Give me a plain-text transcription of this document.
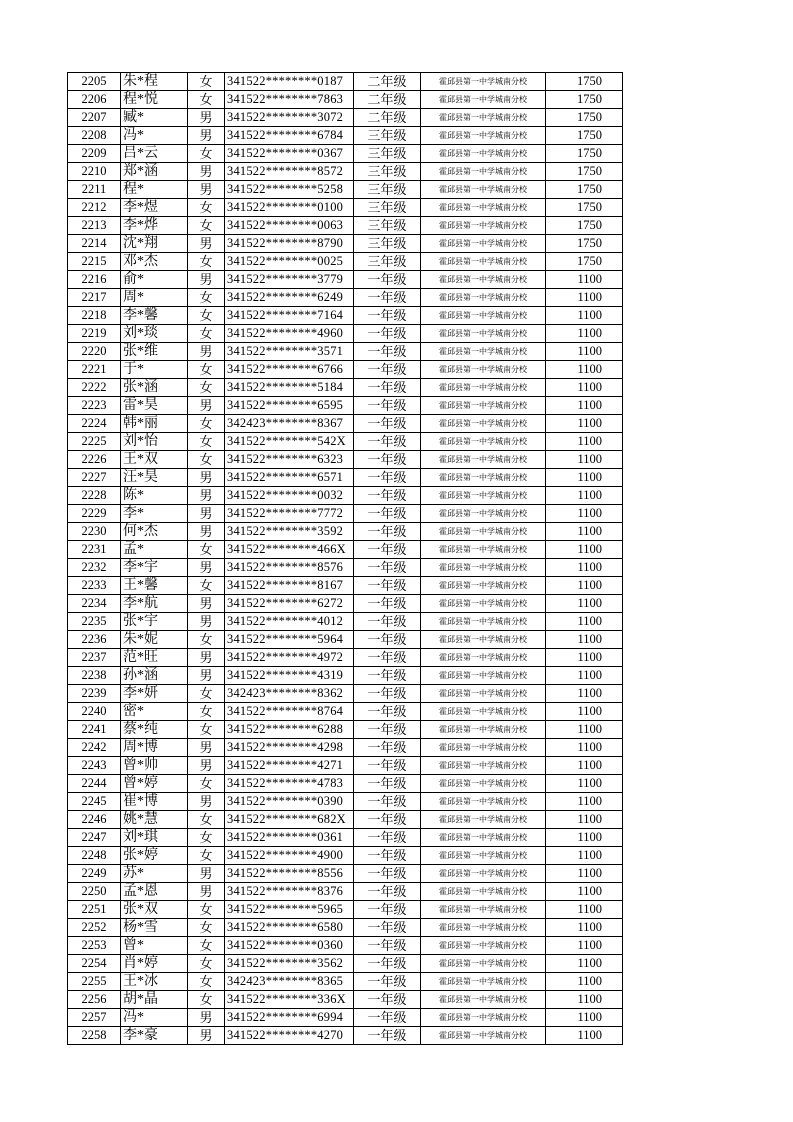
2205	朱*程	女	341522********0187	二年级	霍邱县第一中学城南分校	1750
2206	程*悦	女	341522********7863	二年级	霍邱县第一中学城南分校	1750
2207	臧*	男	341522********3072	二年级	霍邱县第一中学城南分校	1750
2208	冯*	男	341522********6784	三年级	霍邱县第一中学城南分校	1750
2209	吕*云	女	341522********0367	三年级	霍邱县第一中学城南分校	1750
2210	郑*涵	男	341522********8572	三年级	霍邱县第一中学城南分校	1750
2211	程*	男	341522********5258	三年级	霍邱县第一中学城南分校	1750
2212	李*煜	女	341522********0100	三年级	霍邱县第一中学城南分校	1750
2213	李*烨	女	341522********0063	三年级	霍邱县第一中学城南分校	1750
2214	沈*翔	男	341522********8790	三年级	霍邱县第一中学城南分校	1750
2215	邓*杰	女	341522********0025	三年级	霍邱县第一中学城南分校	1750
2216	俞*	男	341522********3779	一年级	霍邱县第一中学城南分校	1100
2217	周*	女	341522********6249	一年级	霍邱县第一中学城南分校	1100
2218	李*馨	女	341522********7164	一年级	霍邱县第一中学城南分校	1100
2219	刘*琰	女	341522********4960	一年级	霍邱县第一中学城南分校	1100
2220	张*维	男	341522********3571	一年级	霍邱县第一中学城南分校	1100
2221	于*	女	341522********6766	一年级	霍邱县第一中学城南分校	1100
2222	张*涵	女	341522********5184	一年级	霍邱县第一中学城南分校	1100
2223	雷*昊	男	341522********6595	一年级	霍邱县第一中学城南分校	1100
2224	韩*丽	女	342423********8367	一年级	霍邱县第一中学城南分校	1100
2225	刘*怡	女	341522********542X	一年级	霍邱县第一中学城南分校	1100
2226	王*双	女	341522********6323	一年级	霍邱县第一中学城南分校	1100
2227	汪*昊	男	341522********6571	一年级	霍邱县第一中学城南分校	1100
2228	陈*	男	341522********0032	一年级	霍邱县第一中学城南分校	1100
2229	李*	男	341522********7772	一年级	霍邱县第一中学城南分校	1100
2230	何*杰	男	341522********3592	一年级	霍邱县第一中学城南分校	1100
2231	孟*	女	341522********466X	一年级	霍邱县第一中学城南分校	1100
2232	李*宇	男	341522********8576	一年级	霍邱县第一中学城南分校	1100
2233	王*馨	女	341522********8167	一年级	霍邱县第一中学城南分校	1100
2234	李*航	男	341522********6272	一年级	霍邱县第一中学城南分校	1100
2235	张*宇	男	341522********4012	一年级	霍邱县第一中学城南分校	1100
2236	朱*妮	女	341522********5964	一年级	霍邱县第一中学城南分校	1100
2237	范*旺	男	341522********4972	一年级	霍邱县第一中学城南分校	1100
2238	孙*涵	男	341522********4319	一年级	霍邱县第一中学城南分校	1100
2239	李*妍	女	342423********8362	一年级	霍邱县第一中学城南分校	1100
2240	密*	女	341522********8764	一年级	霍邱县第一中学城南分校	1100
2241	蔡*纯	女	341522********6288	一年级	霍邱县第一中学城南分校	1100
2242	周*博	男	341522********4298	一年级	霍邱县第一中学城南分校	1100
2243	曾*帅	男	341522********4271	一年级	霍邱县第一中学城南分校	1100
2244	曾*婷	女	341522********4783	一年级	霍邱县第一中学城南分校	1100
2245	崔*博	男	341522********0390	一年级	霍邱县第一中学城南分校	1100
2246	姚*慧	女	341522********682X	一年级	霍邱县第一中学城南分校	1100
2247	刘*琪	女	341522********0361	一年级	霍邱县第一中学城南分校	1100
2248	张*婷	女	341522********4900	一年级	霍邱县第一中学城南分校	1100
2249	苏*	男	341522********8556	一年级	霍邱县第一中学城南分校	1100
2250	孟*恩	男	341522********8376	一年级	霍邱县第一中学城南分校	1100
2251	张*双	女	341522********5965	一年级	霍邱县第一中学城南分校	1100
2252	杨*雪	女	341522********6580	一年级	霍邱县第一中学城南分校	1100
2253	曾*	女	341522********0360	一年级	霍邱县第一中学城南分校	1100
2254	肖*婷	女	341522********3562	一年级	霍邱县第一中学城南分校	1100
2255	王*冰	女	342423********8365	一年级	霍邱县第一中学城南分校	1100
2256	胡*晶	女	341522********336X	一年级	霍邱县第一中学城南分校	1100
2257	冯*	男	341522********6994	一年级	霍邱县第一中学城南分校	1100
2258	李*豪	男	341522********4270	一年级	霍邱县第一中学城南分校	1100
